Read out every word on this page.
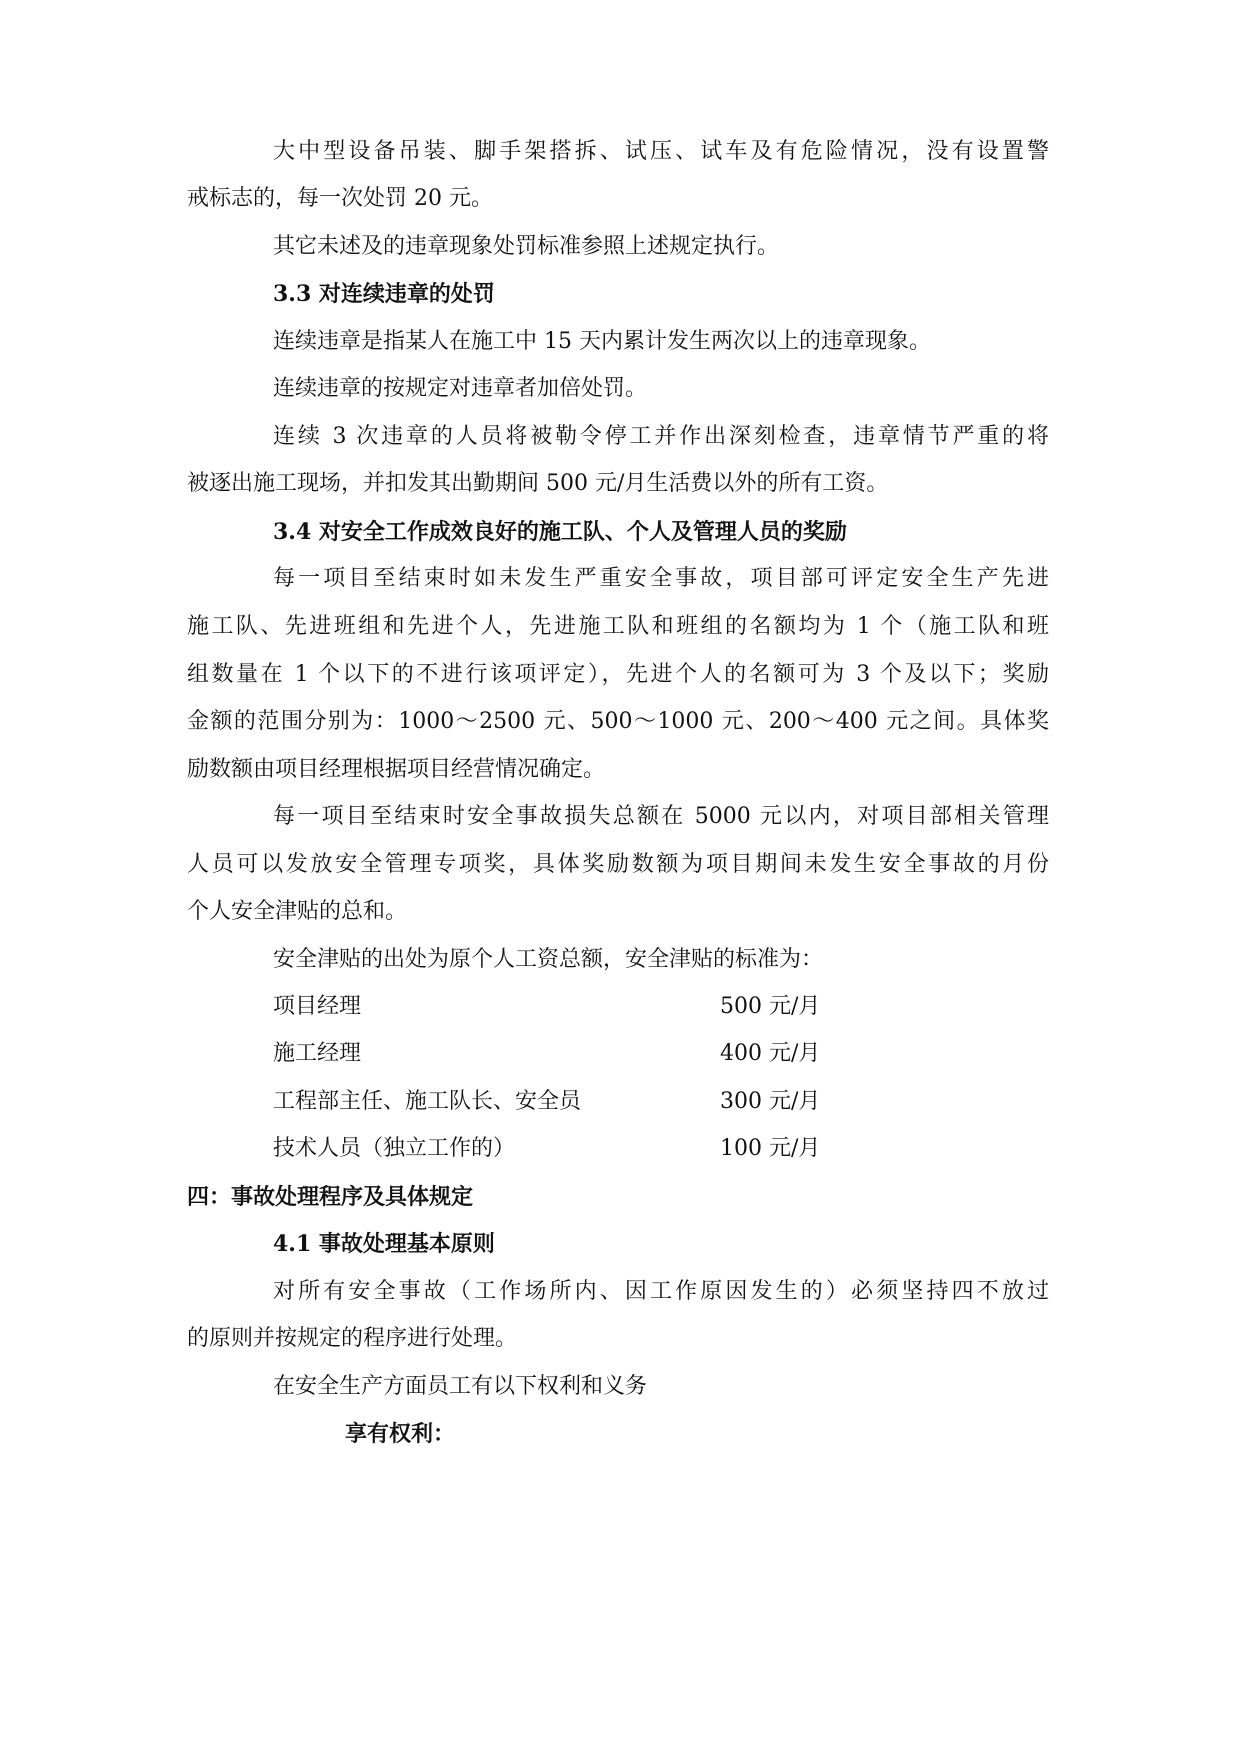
大中型设备吊装、脚手架搭拆、试压、试车及有危险情况，没有设置警
戒标志的，每一次处罚 20 元。
其它未述及的违章现象处罚标准参照上述规定执行。
3.3 对连续违章的处罚
连续违章是指某人在施工中 15 天内累计发生两次以上的违章现象。
连续违章的按规定对违章者加倍处罚。
连续 3 次违章的人员将被勒令停工并作出深刻检查，违章情节严重的将
被逐出施工现场，并扣发其出勤期间 500 元/月生活费以外的所有工资。
3.4 对安全工作成效良好的施工队、个人及管理人员的奖励
每一项目至结束时如未发生严重安全事故，项目部可评定安全生产先进
施工队、先进班组和先进个人，先进施工队和班组的名额均为 1 个（施工队和班
组数量在 1 个以下的不进行该项评定），先进个人的名额可为 3 个及以下；奖励
金额的范围分别为：1000～2500 元、500～1000 元、200～400 元之间。具体奖
励数额由项目经理根据项目经营情况确定。
每一项目至结束时安全事故损失总额在 5000 元以内，对项目部相关管理
人员可以发放安全管理专项奖，具体奖励数额为项目期间未发生安全事故的月份
个人安全津贴的总和。
安全津贴的出处为原个人工资总额，安全津贴的标准为：
项目经理	500 元/月
施工经理	400 元/月
工程部主任、施工队长、安全员	300 元/月
技术人员（独立工作的）	100 元/月
四：事故处理程序及具体规定
4.1 事故处理基本原则
对所有安全事故（工作场所内、因工作原因发生的）必须坚持四不放过
的原则并按规定的程序进行处理。
在安全生产方面员工有以下权利和义务
享有权利：
